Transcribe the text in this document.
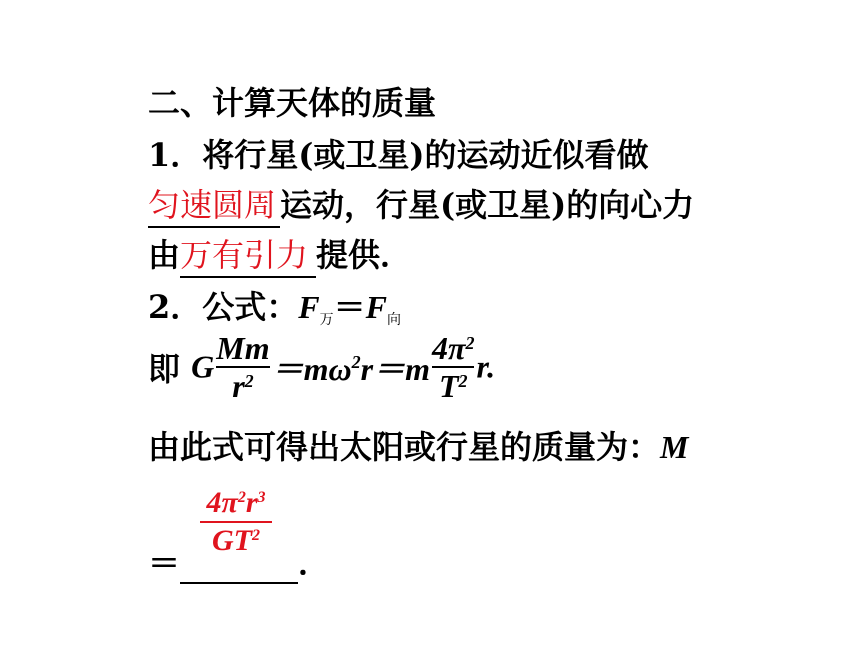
二、计算天体的质量
1．将行星(或卫星)的运动近似看做
匀速圆周 运动，行星(或卫星)的向心力
由万有引力 提供．
2．公式：$F_万=F_向$
即 G $\frac{Mm}{r^2} =m\omega^2r=m \frac{4\pi^2}{T^2} r$.
由此式可得出太阳或行星的质量为：M
$4\pi^2r^3$
$GT^2$
＝	．
